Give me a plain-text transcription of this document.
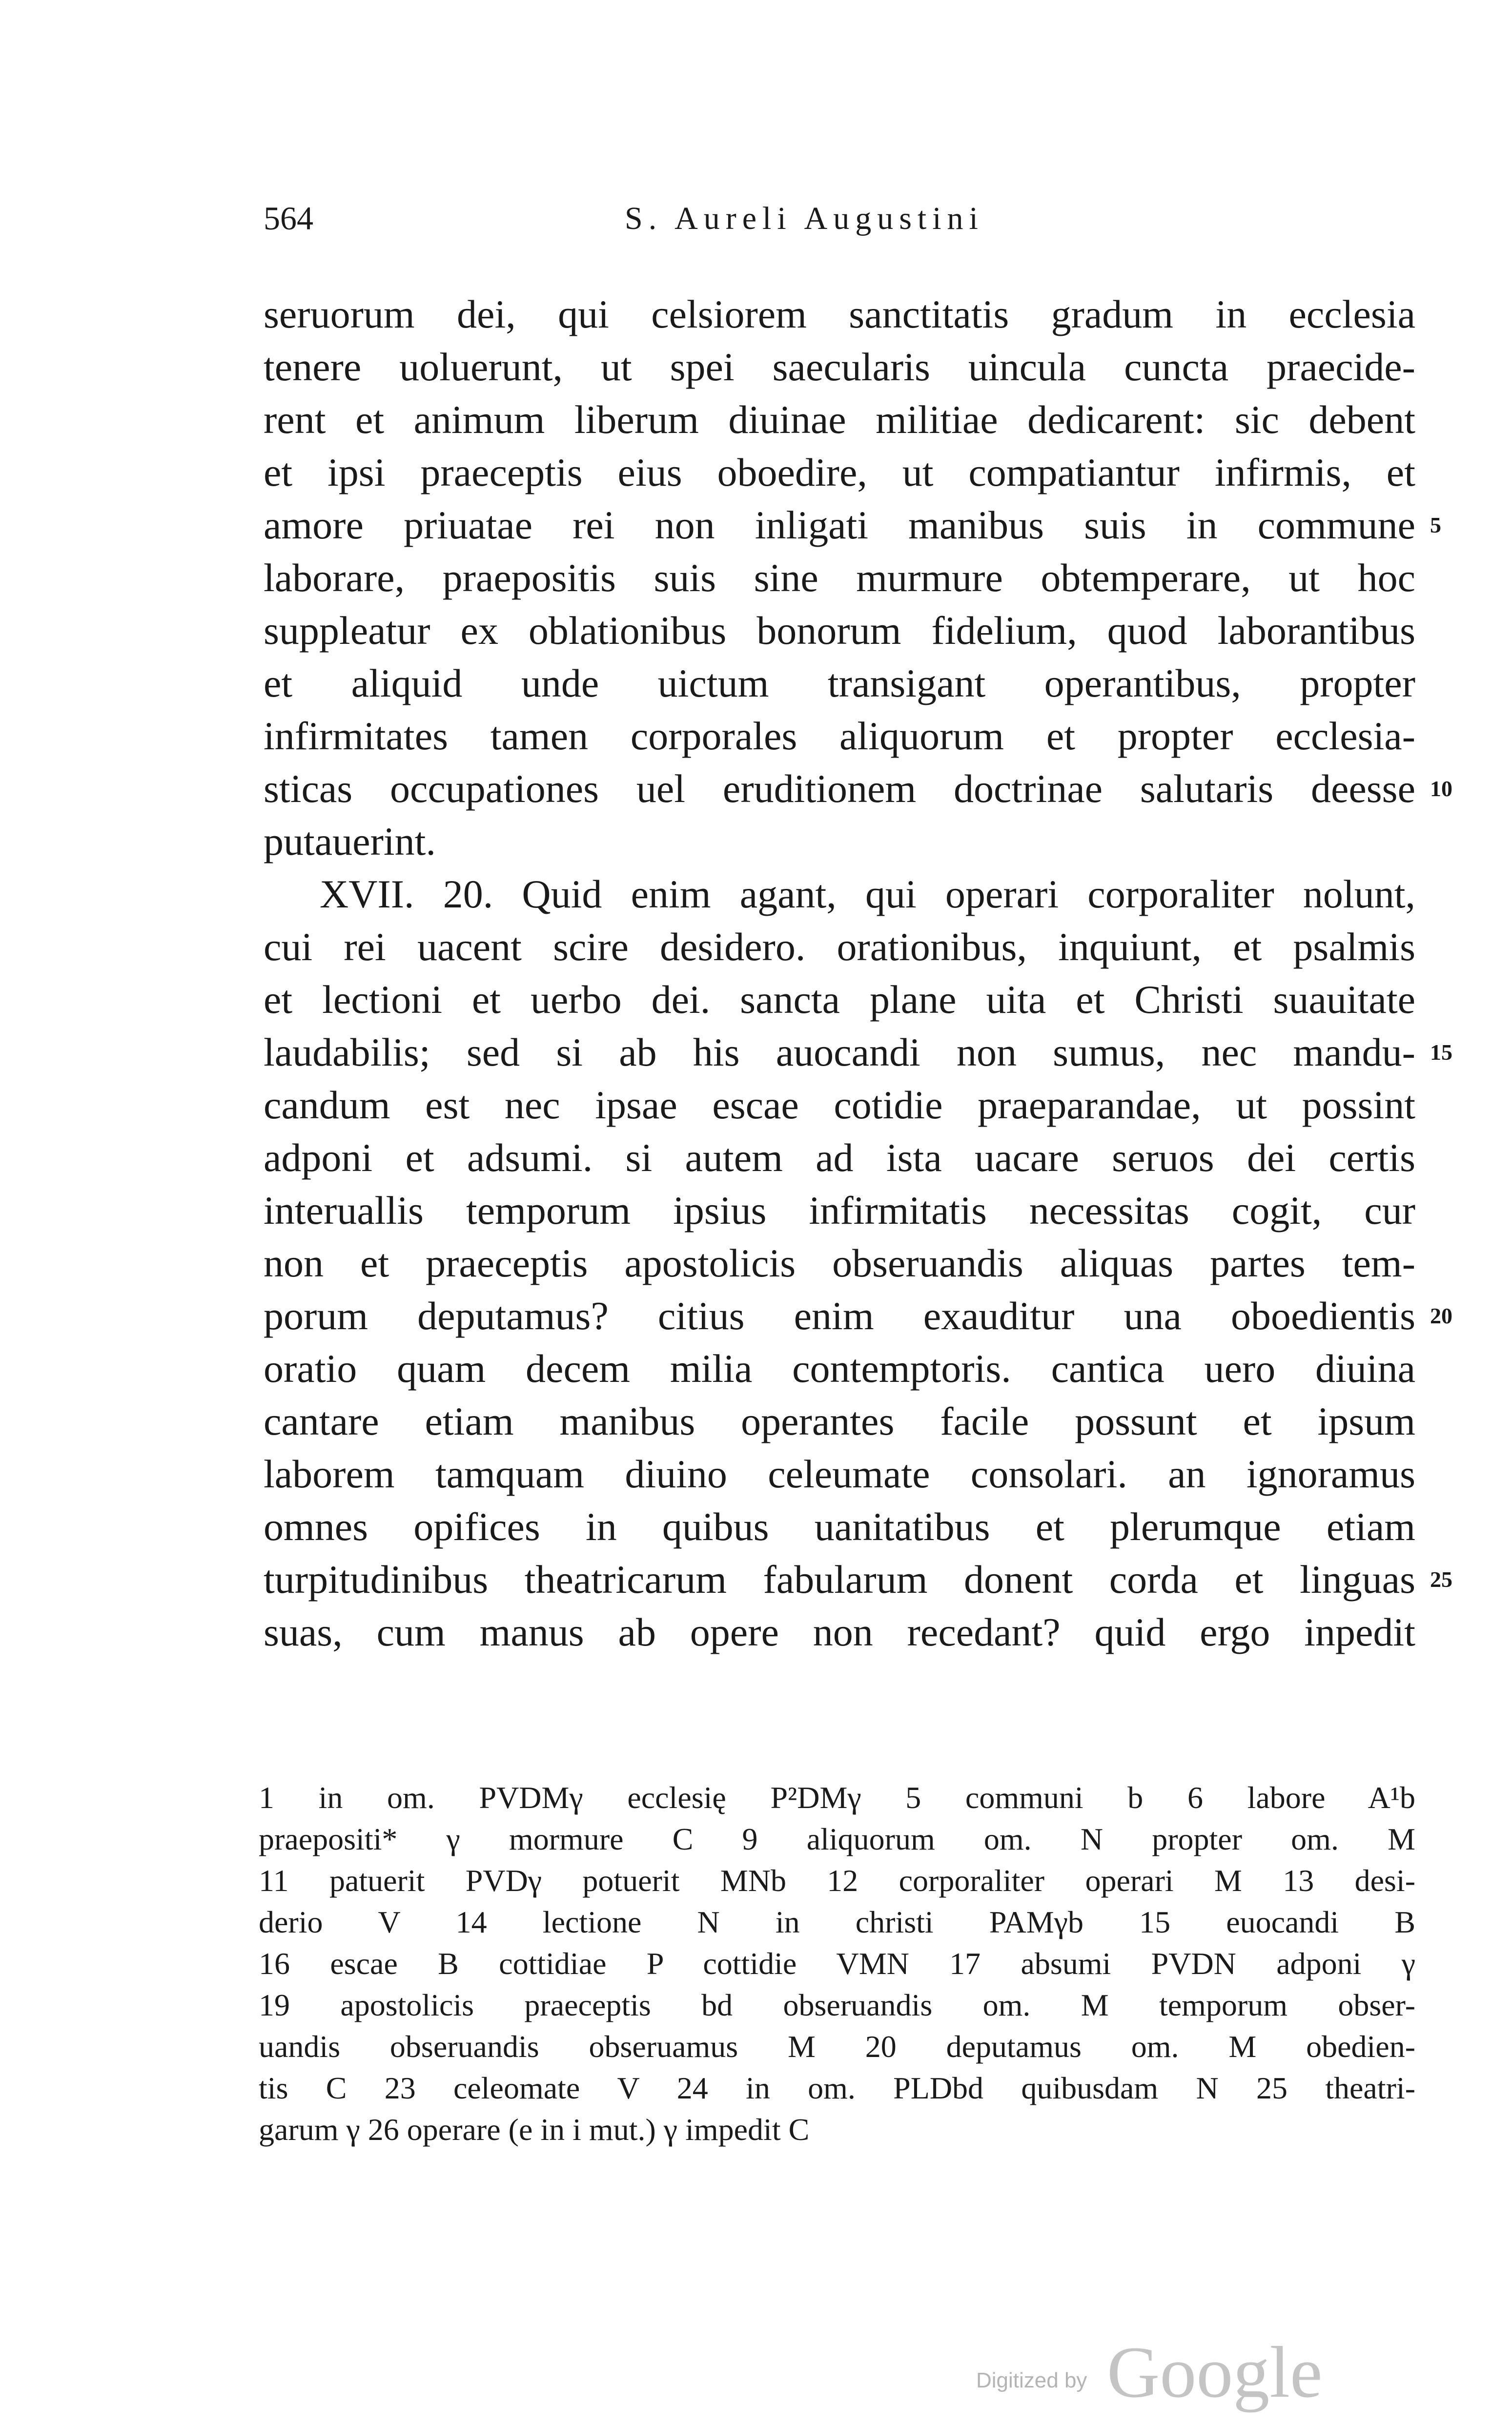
564	S. Aureli Augustini
seruorum dei, qui celsiorem sanctitatis gradum in ecclesia
tenere uoluerunt, ut spei saecularis uincula cuncta praecide-
rent et animum liberum diuinae militiae dedicarent: sic debent
et ipsi praeceptis eius oboedire, ut compatiantur infirmis, et
amore priuatae rei non inligati manibus suis in commune 5
laborare, praepositis suis sine murmure obtemperare, ut hoc
suppleatur ex oblationibus bonorum fidelium, quod laborantibus
et aliquid unde uictum transigant operantibus, propter
infirmitates tamen corporales aliquorum et propter ecclesia-
sticas occupationes uel eruditionem doctrinae salutaris deesse 10
putauerint.
XVII. 20. Quid enim agant, qui operari corporaliter nolunt,
cui rei uacent scire desidero. orationibus, inquiunt, et psalmis
et lectioni et uerbo dei. sancta plane uita et Christi suauitate
laudabilis; sed si ab his auocandi non sumus, nec mandu- 15
candum est nec ipsae escae cotidie praeparandae, ut possint
adponi et adsumi. si autem ad ista uacare seruos dei certis
interuallis temporum ipsius infirmitatis necessitas cogit, cur
non et praeceptis apostolicis obseruandis aliquas partes tem-
porum deputamus? citius enim exauditur una oboedientis 20
oratio quam decem milia contemptoris. cantica uero diuina
cantare etiam manibus operantes facile possunt et ipsum
laborem tamquam diuino celeumate consolari. an ignoramus
omnes opifices in quibus uanitatibus et plerumque etiam
turpitudinibus theatricarum fabularum donent corda et linguas 25
suas, cum manus ab opere non recedant? quid ergo inpedit
1 in om. PVDMγ ecclesię P²DMγ 5 communi b 6 labore A¹b
praepositi* γ mormure C 9 aliquorum om. N propter om. M
11 patuerit PVDγ potuerit MNb 12 corporaliter operari M 13 desi-
derio V 14 lectione N in christi PAMγb 15 euocandi B
16 escae B cottidiae P cottidie VMN 17 absumi PVDN adponi γ
19 apostolicis praeceptis bd obseruandis om. M temporum obser-
uandis obseruandis obseruamus M 20 deputamus om. M obedien-
tis C 23 celeomate V 24 in om. PLDbd quibusdam N 25 theatri-
garum γ 26 operare (e in i mut.) γ impedit C
Digitized by Google
